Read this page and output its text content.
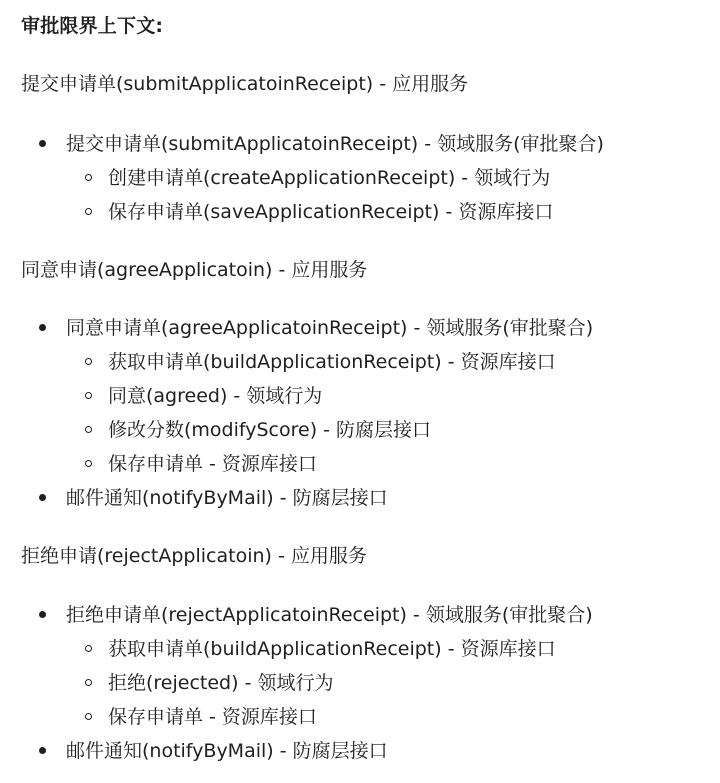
审批限界上下文:
提交申请单(submitApplicatoinReceipt) - 应用服务
提交申请单(submitApplicatoinReceipt) - 领域服务(审批聚合)
创建申请单(createApplicationReceipt) - 领域行为
保存申请单(saveApplicationReceipt) - 资源库接口
同意申请(agreeApplicatoin) - 应用服务
同意申请单(agreeApplicatoinReceipt) - 领域服务(审批聚合)
获取申请单(buildApplicationReceipt) - 资源库接口
同意(agreed) - 领域行为
修改分数(modifyScore) - 防腐层接口
保存申请单 - 资源库接口
邮件通知(notifyByMail) - 防腐层接口
拒绝申请(rejectApplicatoin) - 应用服务
拒绝申请单(rejectApplicatoinReceipt) - 领域服务(审批聚合)
获取申请单(buildApplicationReceipt) - 资源库接口
拒绝(rejected) - 领域行为
保存申请单 - 资源库接口
邮件通知(notifyByMail) - 防腐层接口
